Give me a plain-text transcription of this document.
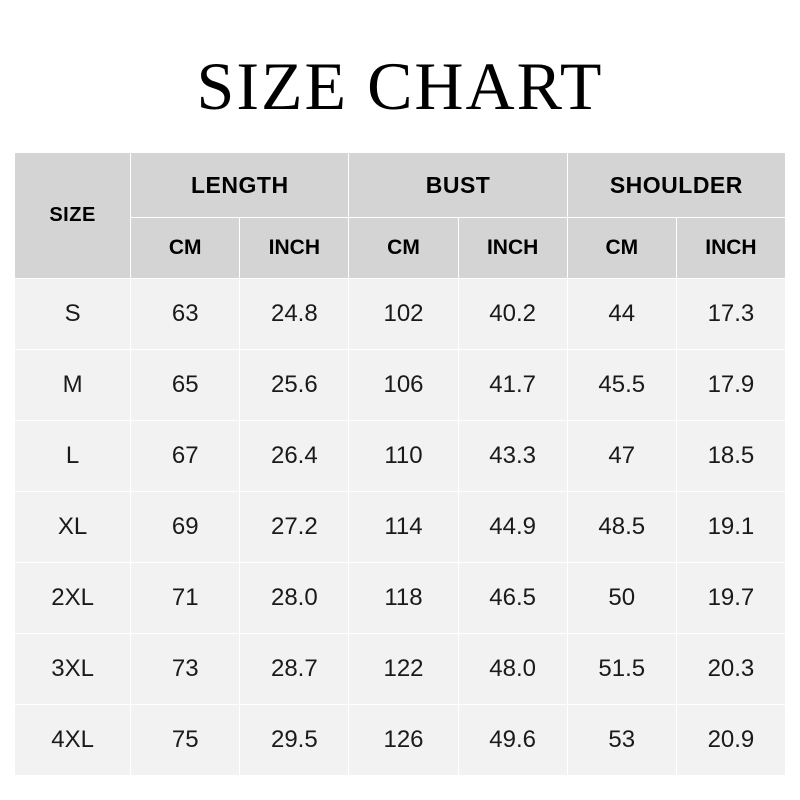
SIZE CHART
SIZE	LENGTH		BUST		SHOULDER	
	CM	INCH	CM	INCH	CM	INCH
S	63	24.8	102	40.2	44	17.3
M	65	25.6	106	41.7	45.5	17.9
L	67	26.4	110	43.3	47	18.5
XL	69	27.2	114	44.9	48.5	19.1
2XL	71	28.0	118	46.5	50	19.7
3XL	73	28.7	122	48.0	51.5	20.3
4XL	75	29.5	126	49.6	53	20.9
